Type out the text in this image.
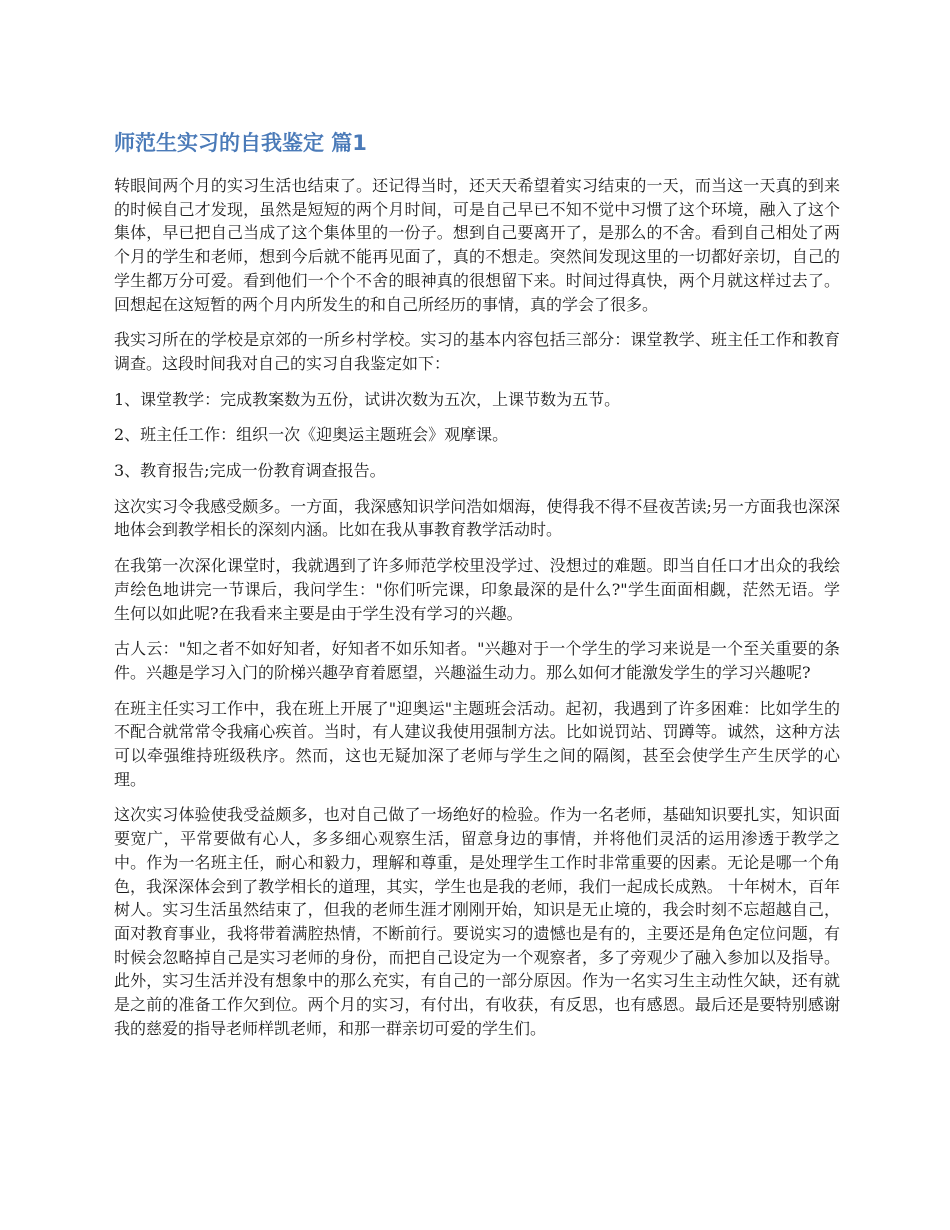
师范生实习的自我鉴定 篇1

转眼间两个月的实习生活也结束了。还记得当时，还天天希望着实习结束的一天，而当这一天真的到来的时候自己才发现，虽然是短短的两个月时间，可是自己早已不知不觉中习惯了这个环境，融入了这个集体，早已把自己当成了这个集体里的一份子。想到自己要离开了，是那么的不舍。看到自己相处了两个月的学生和老师，想到今后就不能再见面了，真的不想走。突然间发现这里的一切都好亲切，自己的学生都万分可爱。看到他们一个个不舍的眼神真的很想留下来。时间过得真快，两个月就这样过去了。回想起在这短暂的两个月内所发生的和自己所经历的事情，真的学会了很多。

我实习所在的学校是京郊的一所乡村学校。实习的基本内容包括三部分：课堂教学、班主任工作和教育调查。这段时间我对自己的实习自我鉴定如下：

1、课堂教学：完成教案数为五份，试讲次数为五次，上课节数为五节。

2、班主任工作：组织一次《迎奥运主题班会》观摩课。

3、教育报告;完成一份教育调查报告。

这次实习令我感受颇多。一方面，我深感知识学问浩如烟海，使得我不得不昼夜苦读;另一方面我也深深地体会到教学相长的深刻内涵。比如在我从事教育教学活动时。

在我第一次深化课堂时，我就遇到了许多师范学校里没学过、没想过的难题。即当自任口才出众的我绘声绘色地讲完一节课后，我问学生："你们听完课，印象最深的是什么?"学生面面相觑，茫然无语。学生何以如此呢?在我看来主要是由于学生没有学习的兴趣。

古人云："知之者不如好知者，好知者不如乐知者。"兴趣对于一个学生的学习来说是一个至关重要的条件。兴趣是学习入门的阶梯兴趣孕育着愿望，兴趣溢生动力。那么如何才能激发学生的学习兴趣呢?

在班主任实习工作中，我在班上开展了"迎奥运"主题班会活动。起初，我遇到了许多困难：比如学生的不配合就常常令我痛心疾首。当时，有人建议我使用强制方法。比如说罚站、罚蹲等。诚然，这种方法可以牵强维持班级秩序。然而，这也无疑加深了老师与学生之间的隔阂，甚至会使学生产生厌学的心理。

这次实习体验使我受益颇多，也对自己做了一场绝好的检验。作为一名老师，基础知识要扎实，知识面要宽广，平常要做有心人，多多细心观察生活，留意身边的事情，并将他们灵活的运用渗透于教学之中。作为一名班主任，耐心和毅力，理解和尊重，是处理学生工作时非常重要的因素。无论是哪一个角色，我深深体会到了教学相长的道理，其实，学生也是我的老师，我们一起成长成熟。 十年树木，百年树人。实习生活虽然结束了，但我的老师生涯才刚刚开始，知识是无止境的，我会时刻不忘超越自己，面对教育事业，我将带着满腔热情，不断前行。要说实习的遗憾也是有的，主要还是角色定位问题，有时候会忽略掉自己是实习老师的身份，而把自己设定为一个观察者，多了旁观少了融入参加以及指导。此外，实习生活并没有想象中的那么充实，有自己的一部分原因。作为一名实习生主动性欠缺，还有就是之前的准备工作欠到位。两个月的实习，有付出，有收获，有反思，也有感恩。最后还是要特别感谢我的慈爱的指导老师样凯老师，和那一群亲切可爱的学生们。
